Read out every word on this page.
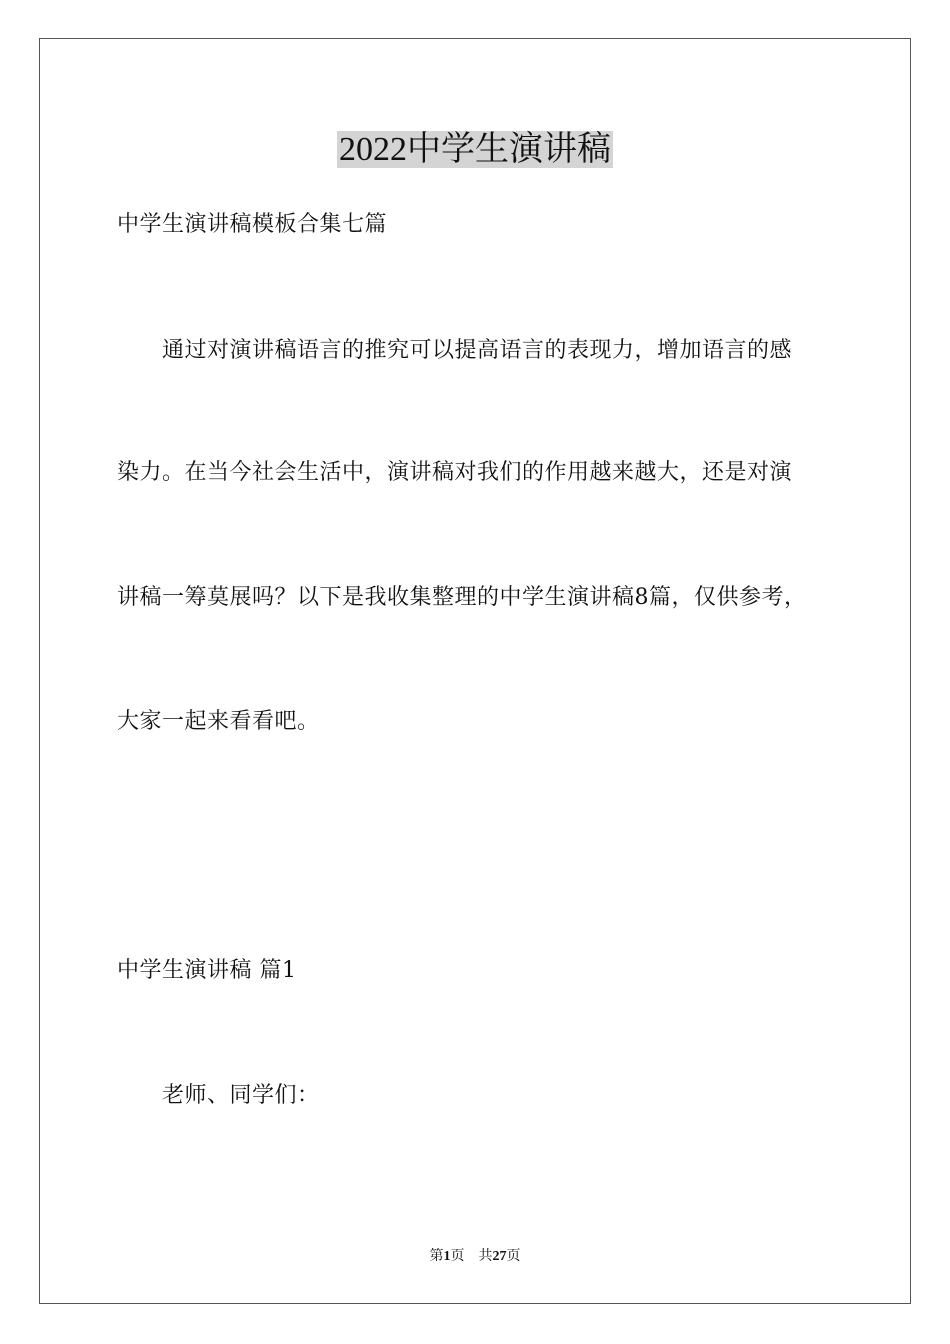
2022中学生演讲稿
中学生演讲稿模板合集七篇
通过对演讲稿语言的推究可以提高语言的表现力，增加语言的感
染力。在当今社会生活中，演讲稿对我们的作用越来越大，还是对演
讲稿一筹莫展吗？以下是我收集整理的中学生演讲稿8篇，仅供参考，
大家一起来看看吧。
中学生演讲稿 篇1
老师、同学们：
第1页 共27页
